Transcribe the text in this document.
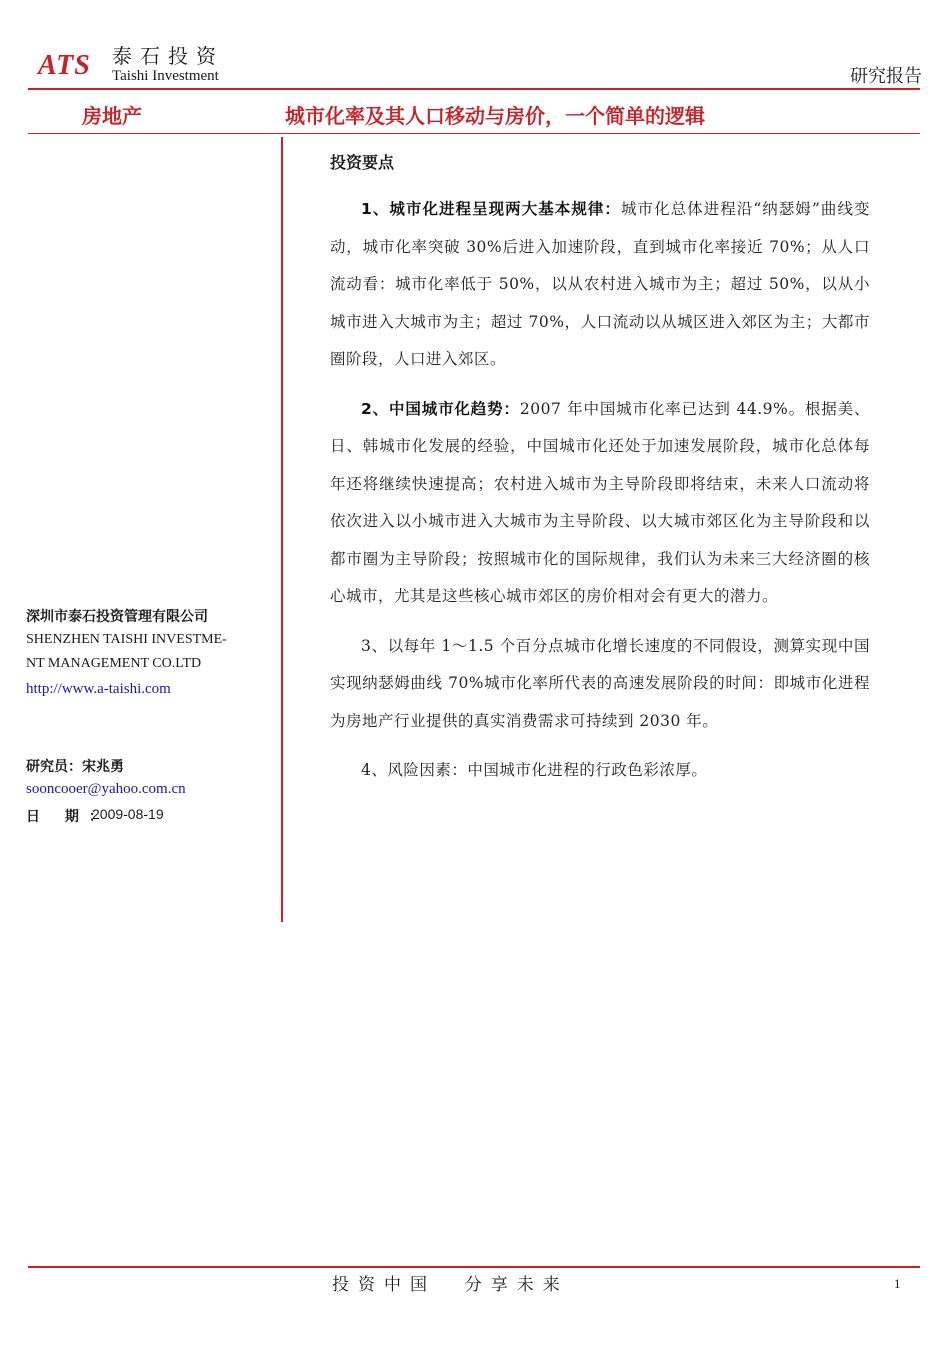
ATS 泰石投资
Taishi Investment	研究报告
房地产	城市化率及其人口移动与房价，一个简单的逻辑
投资要点

1、城市化进程呈现两大基本规律：城市化总体进程沿“纳瑟姆”曲线变动，城市化率突破 30%后进入加速阶段，直到城市化率接近 70%；从人口流动看：城市化率低于 50%，以从农村进入城市为主；超过 50%，以从小城市进入大城市为主；超过 70%，人口流动以从城区进入郊区为主；大都市圈阶段，人口进入郊区。

2、中国城市化趋势：2007 年中国城市化率已达到 44.9%。根据美、日、韩城市化发展的经验，中国城市化还处于加速发展阶段，城市化总体每年还将继续快速提高；农村进入城市为主导阶段即将结束，未来人口流动将依次进入以小城市进入大城市为主导阶段、以大城市郊区化为主导阶段和以都市圈为主导阶段；按照城市化的国际规律，我们认为未来三大经济圈的核心城市，尤其是这些核心城市郊区的房价相对会有更大的潜力。

3、以每年 1～1.5 个百分点城市化增长速度的不同假设，测算实现中国实现纳瑟姆曲线 70%城市化率所代表的高速发展阶段的时间：即城市化进程为房地产行业提供的真实消费需求可持续到 2030 年。

4、风险因素：中国城市化进程的行政色彩浓厚。

深圳市泰石投资管理有限公司
SHENZHEN TAISHI INVESTME-
NT MANAGEMENT CO.LTD
http://www.a-taishi.com
研究员：宋兆勇
sooncooer@yahoo.com.cn
日 期：
2009-08-19
投资中国  分享未来	1
